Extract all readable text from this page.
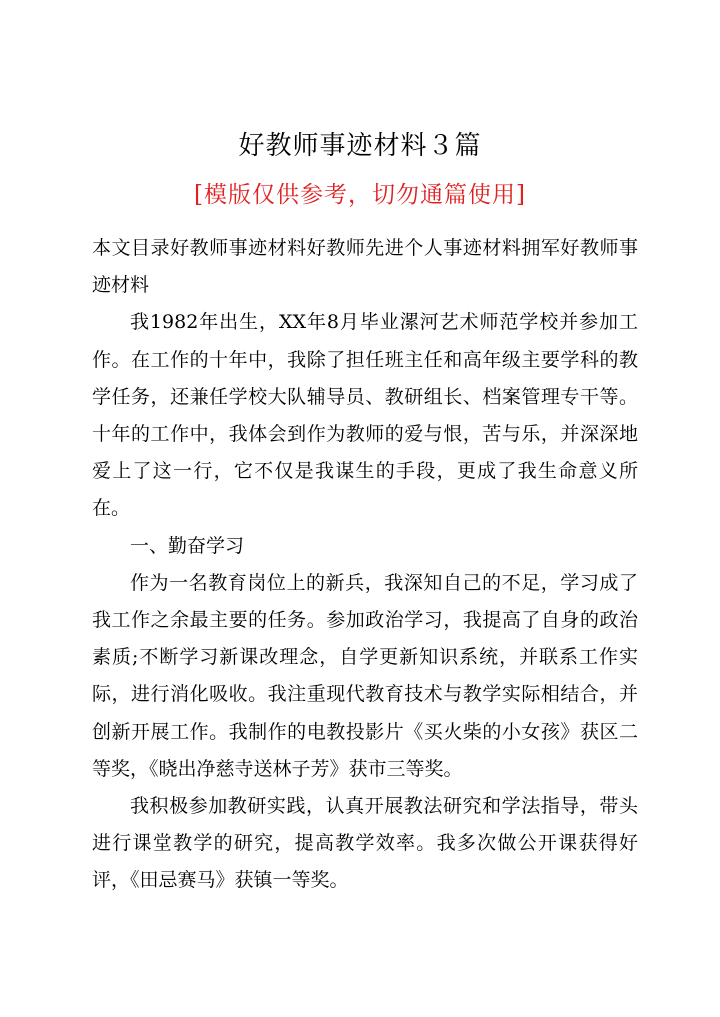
好教师事迹材料３篇
[模版仅供参考，切勿通篇使用]

本文目录好教师事迹材料好教师先进个人事迹材料拥军好教师事迹材料

我1982年出生，XX年8月毕业漯河艺术师范学校并参加工作。在工作的十年中，我除了担任班主任和高年级主要学科的教学任务，还兼任学校大队辅导员、教研组长、档案管理专干等。十年的工作中，我体会到作为教师的爱与恨，苦与乐，并深深地爱上了这一行，它不仅是我谋生的手段，更成了我生命意义所在。

一、勤奋学习

作为一名教育岗位上的新兵，我深知自己的不足，学习成了我工作之余最主要的任务。参加政治学习，我提高了自身的政治素质;不断学习新课改理念，自学更新知识系统，并联系工作实际，进行消化吸收。我注重现代教育技术与教学实际相结合，并创新开展工作。我制作的电教投影片《买火柴的小女孩》获区二等奖，《晓出净慈寺送林子芳》获市三等奖。

我积极参加教研实践，认真开展教法研究和学法指导，带头进行课堂教学的研究，提高教学效率。我多次做公开课获得好评，《田忌赛马》获镇一等奖。
